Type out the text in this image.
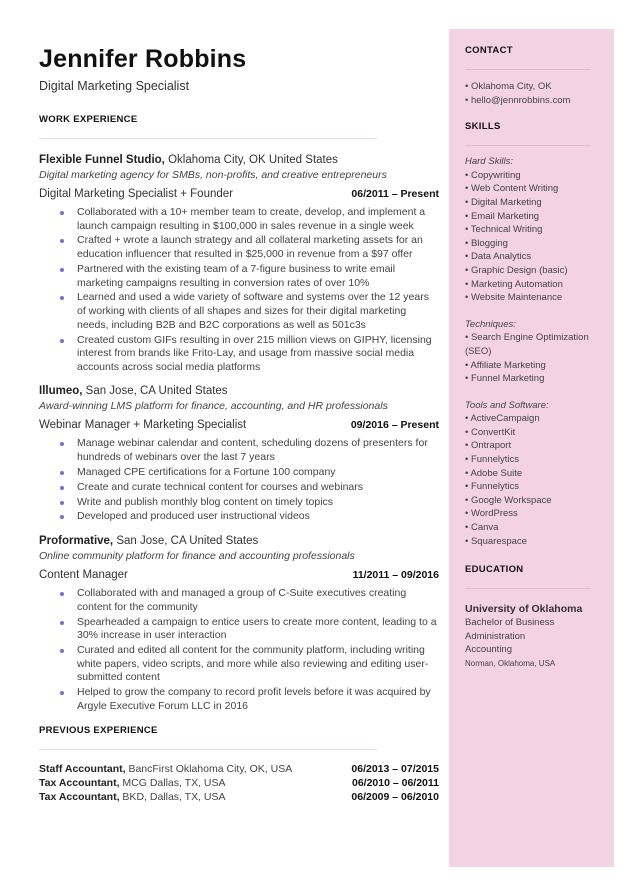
Jennifer Robbins
Digital Marketing Specialist
WORK EXPERIENCE
Flexible Funnel Studio, Oklahoma City, OK United States
Digital marketing agency for SMBs, non-profits, and creative entrepreneurs
Digital Marketing Specialist + Founder	06/2011 – Present
Collaborated with a 10+ member team to create, develop, and implement a launch campaign resulting in $100,000 in sales revenue in a single week
Crafted + wrote a launch strategy and all collateral marketing assets for an education influencer that resulted in $25,000 in revenue from a $97 offer
Partnered with the existing team of a 7-figure business to write email marketing campaigns resulting in conversion rates of over 10%
Learned and used a wide variety of software and systems over the 12 years of working with clients of all shapes and sizes for their digital marketing needs, including B2B and B2C corporations as well as 501c3s
Created custom GIFs resulting in over 215 million views on GIPHY, licensing interest from brands like Frito-Lay, and usage from massive social media accounts across social media platforms
Illumeo, San Jose, CA United States
Award-winning LMS platform for finance, accounting, and HR professionals
Webinar Manager + Marketing Specialist	09/2016 – Present
Manage webinar calendar and content, scheduling dozens of presenters for hundreds of webinars over the last 7 years
Managed CPE certifications for a Fortune 100 company
Create and curate technical content for courses and webinars
Write and publish monthly blog content on timely topics
Developed and produced user instructional videos
Proformative, San Jose, CA United States
Online community platform for finance and accounting professionals
Content Manager	11/2011 – 09/2016
Collaborated with and managed a group of C-Suite executives creating content for the community
Spearheaded a campaign to entice users to create more content, leading to a 30% increase in user interaction
Curated and edited all content for the community platform, including writing white papers, video scripts, and more while also reviewing and editing user-submitted content
Helped to grow the company to record profit levels before it was acquired by Argyle Executive Forum LLC in 2016
PREVIOUS EXPERIENCE
Staff Accountant, BancFirst Oklahoma City, OK, USA	06/2013 – 07/2015
Tax Accountant, MCG Dallas, TX, USA	06/2010 – 06/2011
Tax Accountant, BKD, Dallas, TX, USA	06/2009 – 06/2010
CONTACT
• Oklahoma City, OK
• hello@jennrobbins.com
SKILLS
Hard Skills:
• Copywriting
• Web Content Writing
• Digital Marketing
• Email Marketing
• Technical Writing
• Blogging
• Data Analytics
• Graphic Design (basic)
• Marketing Automation
• Website Maintenance
Techniques:
• Search Engine Optimization (SEO)
• Affiliate Marketing
• Funnel Marketing
Tools and Software:
• ActiveCampaign
• ConvertKit
• Ontraport
• Funnelytics
• Adobe Suite
• Funnelytics
• Google Workspace
• WordPress
• Canva
• Squarespace
EDUCATION
University of Oklahoma
Bachelor of Business
Administration
Accounting
Norman, Oklahoma, USA
